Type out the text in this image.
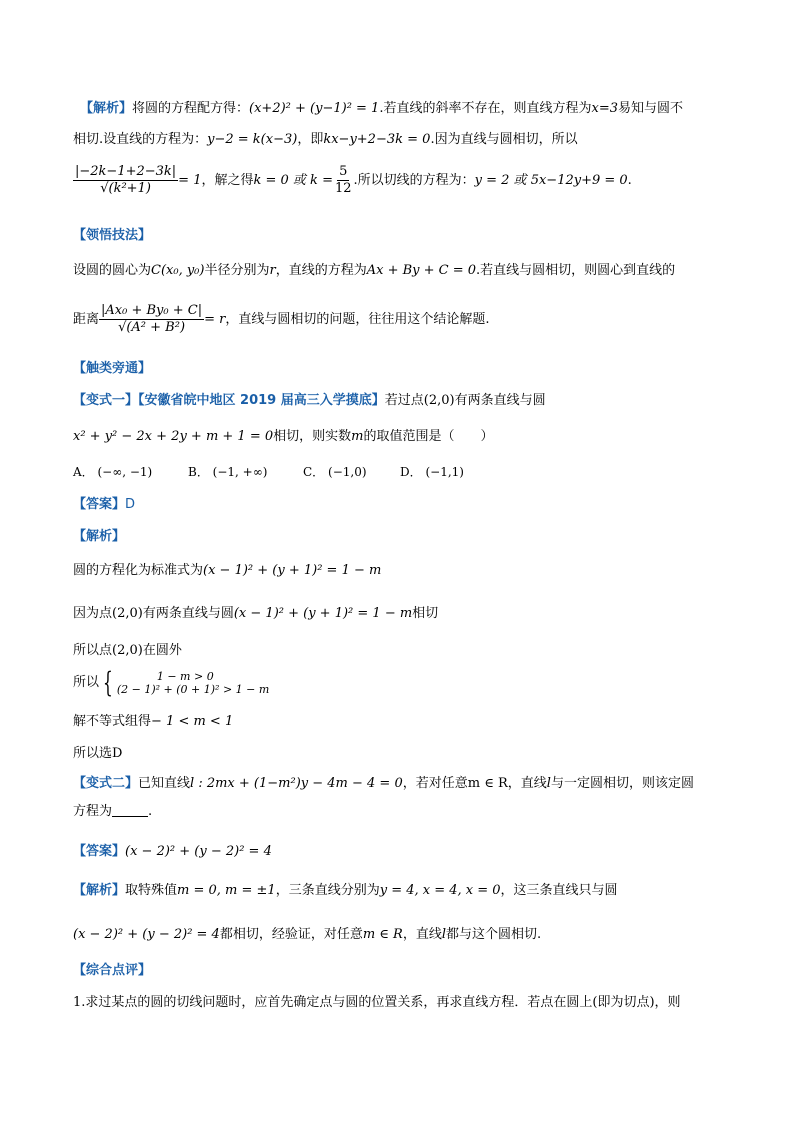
【解析】将圆的方程配方得：(x+2)² + (y−1)² = 1.若直线的斜率不存在，则直线方程为x=3易知与圆不
相切.设直线的方程为：y−2 = k(x−3)，即kx−y+2−3k = 0.因为直线与圆相切，所以
$\frac{|-2k-1+2-3k|}{\text{√(k²+1)}} = 1$，解之得k = 0 或 $k = \frac{5}{12}$ .所以切线的方程为：y = 2 或 5x−12y+9 = 0.
【领悟技法】
设圆的圆心为C(x₀, y₀)半径分别为r，直线的方程为Ax + By + C = 0.若直线与圆相切，则圆心到直线的
距离 $\frac{\text{|Ax₀ + By₀ + C|}}{\text{√(A² + B²)}} = r$，直线与圆相切的问题，往往用这个结论解题.
【触类旁通】
【变式一】【安徽省皖中地区 2019 届高三入学摸底】若过点(2,0)有两条直线与圆
x² + y² − 2x + 2y + m + 1 = 0相切，则实数m的取值范围是（　　）
A． (−∞, −1)	B． (−1, +∞)	C． (−1,0)	D． (−1,1)
【答案】D
【解析】
圆的方程化为标准式为(x − 1)² + (y + 1)² = 1 − m
因为点(2,0)有两条直线与圆(x − 1)² + (y + 1)² = 1 − m相切
所以点(2,0)在圆外
所以 {	1 − m > 0
(2 − 1)² + (0 + 1)² > 1 − m
解不等式组得− 1 < m < 1
所以选D
【变式二】已知直线l : 2mx + (1−m²)y − 4m − 4 = 0，若对任意m ∈ R，直线l与一定圆相切，则该定圆
方程为	.
【答案】(x − 2)² + (y − 2)² = 4
【解析】取特殊值m = 0, m = ±1，三条直线分别为y = 4, x = 4, x = 0，这三条直线只与圆
(x − 2)² + (y − 2)² = 4都相切，经验证，对任意m ∈ R，直线l都与这个圆相切.
【综合点评】
1.求过某点的圆的切线问题时，应首先确定点与圆的位置关系，再求直线方程．若点在圆上(即为切点)，则
